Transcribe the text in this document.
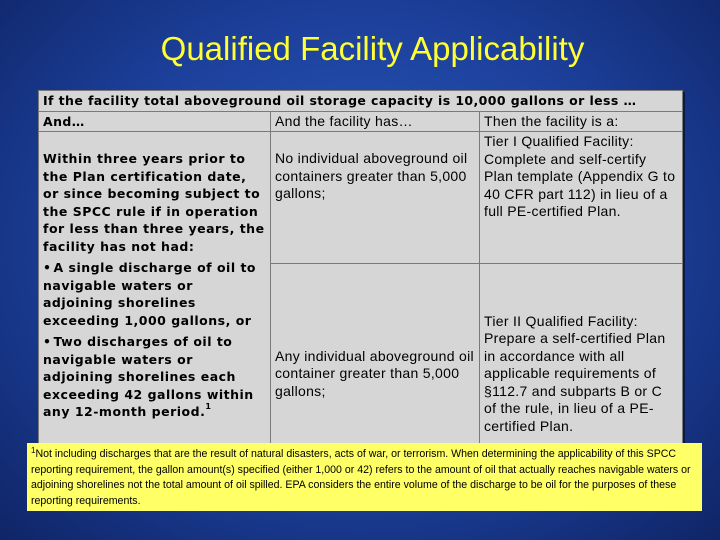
Qualified Facility Applicability
If the facility total aboveground oil storage capacity is 10,000 gallons or less …		
And…	And the facility has…	Then the facility is a:

Within three years prior to the Plan certification date, or since becoming subject to the SPCC rule if in operation for less than three years, the facility has not had:
• A single discharge of oil to navigable waters or adjoining shorelines exceeding 1,000 gallons, or
• Two discharges of oil to navigable waters or adjoining shorelines each exceeding 42 gallons within any 12-month period.$^1$	No individual aboveground oil containers greater than 5,000 gallons;	Tier I Qualified Facility: Complete and self-certify Plan template (Appendix G to 40 CFR part 112) in lieu of a full PE-certified Plan.
	Any individual aboveground oil container greater than 5,000 gallons;	Tier II Qualified Facility: Prepare a self-certified Plan in accordance with all applicable requirements of §112.7 and subparts B or C of the rule, in lieu of a PE-certified Plan.
$^1$Not including discharges that are the result of natural disasters, acts of war, or terrorism. When determining the applicability of this SPCC reporting requirement, the gallon amount(s) specified (either 1,000 or 42) refers to the amount of oil that actually reaches navigable waters or adjoining shorelines not the total amount of oil spilled. EPA considers the entire volume of the discharge to be oil for the purposes of these reporting requirements.
